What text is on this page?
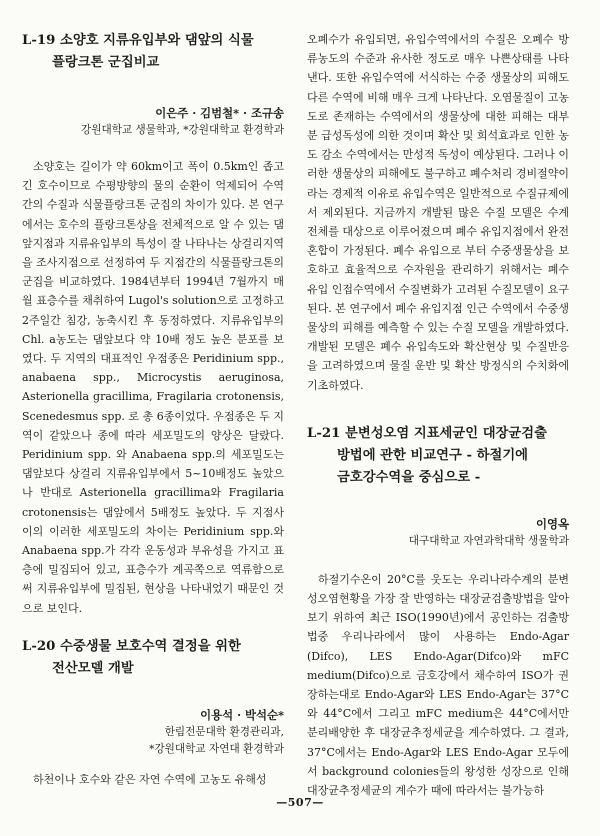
L-19 소양호 지류유입부와 댐앞의 식물
플랑크톤 군집비교
이은주 · 김범철* · 조규송
강원대학교 생물학과, *강원대학교 환경학과

소양호는 길이가 약 60km이고 폭이 0.5km인 좁고 긴 호수이므로 수평방향의 물의 순환이 억제되어 수역간의 수질과 식물플랑크톤 군집의 차이가 있다. 본 연구에서는 호수의 플랑크톤상을 전체적으로 알 수 있는 댐앞지점과 지류유입부의 특성이 잘 나타나는 상걸리지역을 조사지점으로 선정하여 두 지점간의 식물플랑크톤의 군집을 비교하였다. 1984년부터 1994년 7월까지 매월 표층수를 채취하여 Lugol's solution으로 고정하고 2주일간 침강, 농축시킨 후 동정하였다. 지류유입부의 Chl. a농도는 댐앞보다 약 10배 정도 높은 분포를 보였다. 두 지역의 대표적인 우점종은 Peridinium spp., anabaena spp., Microcystis aeruginosa, Asterionella gracillima, Fragilaria crotonensis, Scenedesmus spp. 로 총 6종이었다. 우점종은 두 지역이 같았으나 종에 따라 세포밀도의 양상은 달랐다. Peridinium spp. 와 Anabaena spp.의 세포밀도는 댐앞보다 상걸리 지류유입부에서 5~10배정도 높았으나 반대로 Asterionella gracillima와 Fragilaria crotonensis는 댐앞에서 5배정도 높았다. 두 지점사이의 이러한 세포밀도의 차이는 Peridinium spp.와 Anabaena spp.가 각각 운동성과 부유성을 가지고 표층에 밀집되어 있고, 표층수가 계곡쪽으로 역류함으로써 지류유입부에 밀집된, 현상을 나타내었기 때문인 것으로 보인다.

L-20 수중생물 보호수역 결정을 위한
전산모델 개발
이용석 · 박석순*
한림전문대학 환경관리과,
*강원대학교 자연대 환경학과

하천이나 호수와 같은 자연 수역에 고농도 유해성

오폐수가 유입되면, 유입수역에서의 수질은 오폐수 방류농도의 수준과 유사한 정도로 매우 나쁜상태를 나타낸다. 또한 유입수역에 서식하는 수중 생물상의 피해도 다른 수역에 비해 매우 크게 나타난다. 오염물질이 고농도로 존재하는 수역에서의 생물상에 대한 피해는 대부분 급성독성에 의한 것이며 확산 및 희석효과로 인한 농도 감소 수역에서는 만성적 독성이 예상된다. 그러나 이러한 생물상의 피해에도 불구하고 폐수처리 경비절약이라는 경제적 이유로 유입수역은 일반적으로 수질규제에서 제외된다. 지금까지 개발된 많은 수질 모델은 수계 전체를 대상으로 이루어졌으며 폐수 유입지점에서 완전 혼합이 가정된다. 폐수 유입으로 부터 수중생물상을 보호하고 효율적으로 수자원을 관리하기 위해서는 폐수 유입 인접수역에서 수질변화가 고려된 수질모델이 요구된다. 본 연구에서 폐수 유입지점 인근 수역에서 수중생물상의 피해를 예측할 수 있는 수질 모델을 개발하였다. 개발된 모델은 폐수 유입속도와 확산현상 및 수질반응을 고려하였으며 물질 운반 및 확산 방정식의 수치화에 기초하였다.

L-21 분변성오염 지표세균인 대장균검출
방법에 관한 비교연구 - 하절기에
금호강수역을 중심으로 -
이영옥
대구대학교 자연과학대학 생물학과

하절기수온이 20°C를 웃도는 우리나라수계의 분변성오염현황을 가장 잘 반영하는 대장균검출방법을 알아보기 위하여 최근 ISO(1990년)에서 공인하는 검출방법중 우리나라에서 많이 사용하는 Endo-Agar (Difco), LES Endo-Agar(Difco)와 mFC medium(Difco)으로 금호강에서 채수하여 ISO가 권장하는대로 Endo-Agar와 LES Endo-Agar는 37°C와 44°C에서 그리고 mFC medium은 44°C에서만 분리배양한 후 대장균추정세균을 계수하였다. 그 결과, 37°C에서는 Endo-Agar와 LES Endo-Agar 모두에서 background colonies들의 왕성한 성장으로 인해 대장균추정세균의 계수가 때에 따라서는 불가능하

—507—
